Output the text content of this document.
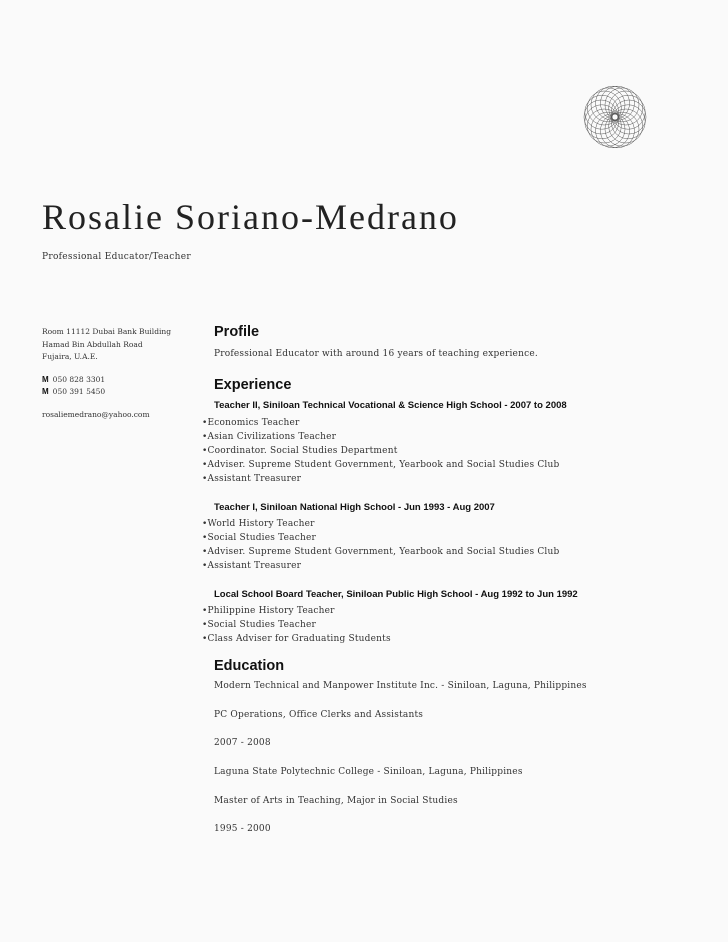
Rosalie Soriano-Medrano
Professional Educator/Teacher
Room 11112 Dubai Bank Building
Hamad Bin Abdullah Road
Fujaira, U.A.E.
M 050 828 3301
M 050 391 5450
rosaliemedrano@yahoo.com
Profile
Professional Educator with around 16 years of teaching experience.
Experience
Teacher II, Siniloan Technical Vocational & Science High School - 2007 to 2008
•Economics Teacher
•Asian Civilizations Teacher
•Coordinator. Social Studies Department
•Adviser. Supreme Student Government, Yearbook and Social Studies Club
•Assistant Treasurer
Teacher I, Siniloan National High School - Jun 1993 - Aug 2007
•World History Teacher
•Social Studies Teacher
•Adviser. Supreme Student Government, Yearbook and Social Studies Club
•Assistant Treasurer
Local School Board Teacher, Siniloan Public High School - Aug 1992 to Jun 1992
•Philippine History Teacher
•Social Studies Teacher
•Class Adviser for Graduating Students
Education
Modern Technical and Manpower Institute Inc. - Siniloan, Laguna, Philippines
PC Operations, Office Clerks and Assistants
2007 - 2008
Laguna State Polytechnic College - Siniloan, Laguna, Philippines
Master of Arts in Teaching, Major in Social Studies
1995 - 2000
